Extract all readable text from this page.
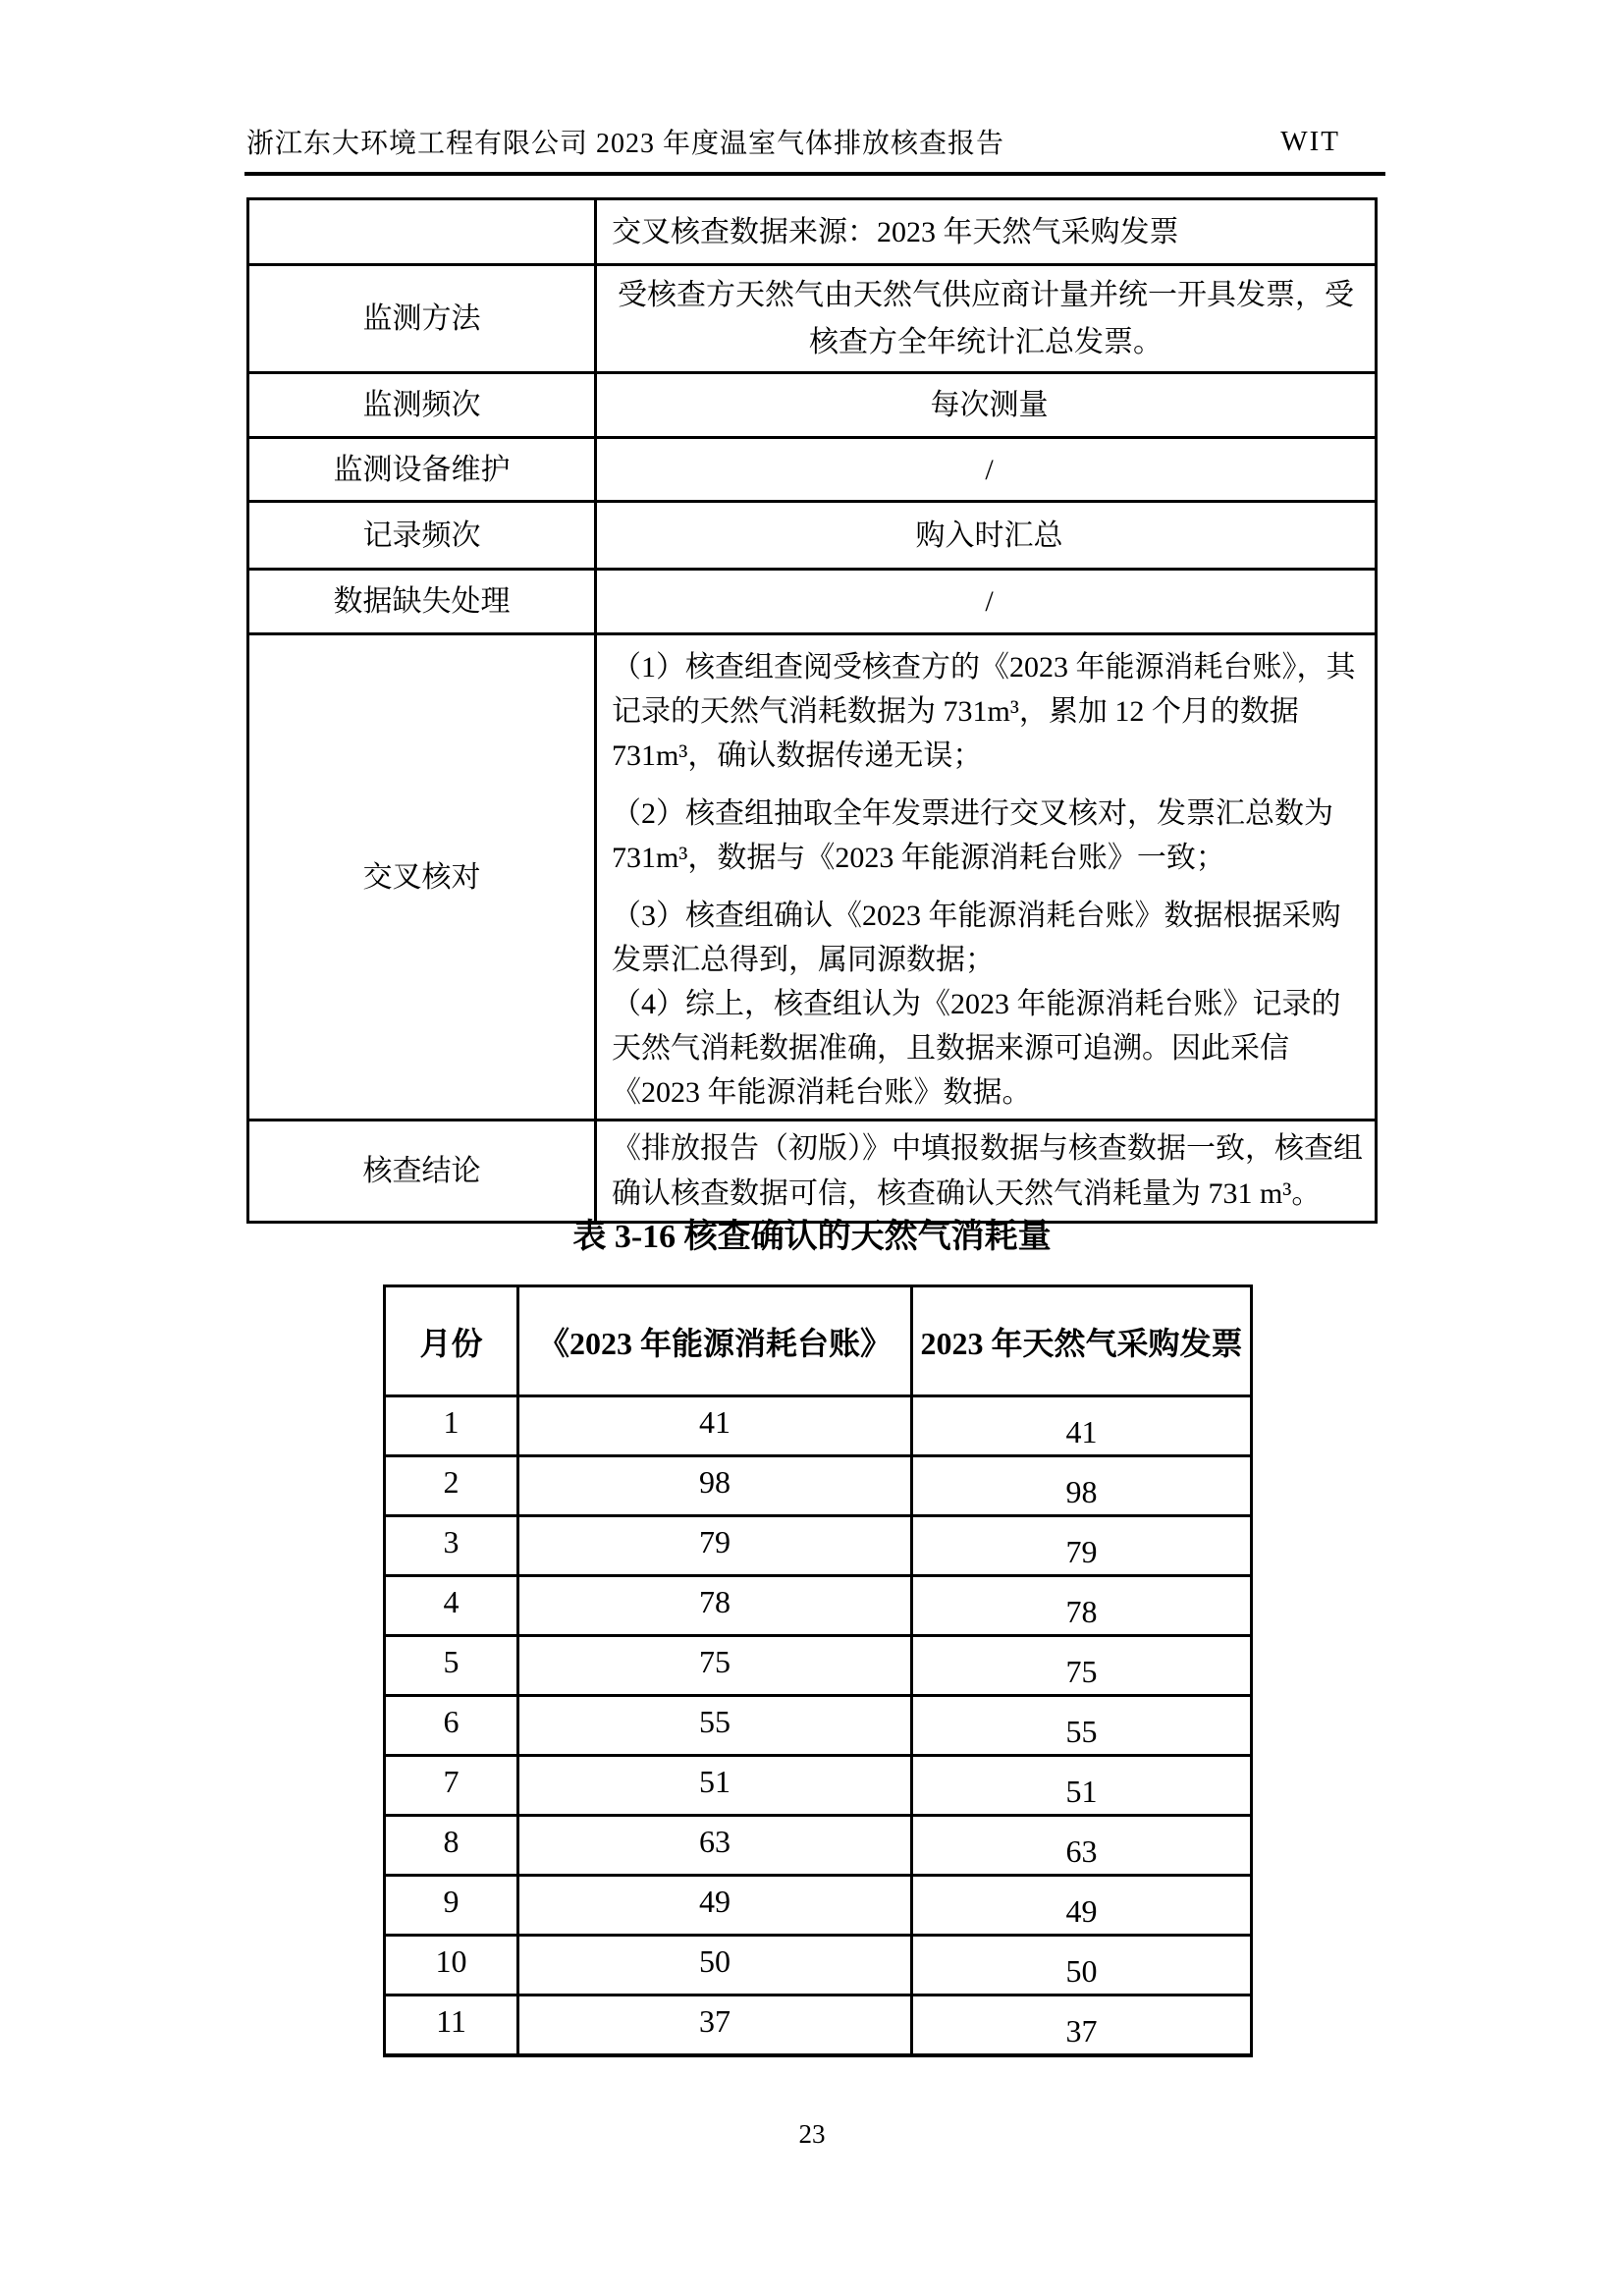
浙江东大环境工程有限公司 2023 年度温室气体排放核查报告	WIT
	交叉核查数据来源：2023 年天然气采购发票
监测方法	受核查方天然气由天然气供应商计量并统一开具发票，受核查方全年统计汇总发票。
监测频次	每次测量
监测设备维护	/
记录频次	购入时汇总
数据缺失处理	/
交叉核对	（1）核查组查阅受核查方的《2023 年能源消耗台账》，其记录的天然气消耗数据为 731m³，累加 12 个月的数据 731m³，确认数据传递无误；

（2）核查组抽取全年发票进行交叉核对，发票汇总数为 731m³，数据与《2023 年能源消耗台账》一致；

（3）核查组确认《2023 年能源消耗台账》数据根据采购发票汇总得到，属同源数据；

（4）综上，核查组认为《2023 年能源消耗台账》记录的天然气消耗数据准确，且数据来源可追溯。因此采信《2023 年能源消耗台账》数据。

核查结论	《排放报告（初版）》中填报数据与核查数据一致，核查组确认核查数据可信，核查确认天然气消耗量为 731 m³。
表 3-16 核查确认的天然气消耗量
月份	《2023 年能源消耗台账》	2023 年天然气采购发票
1	41	41
2	98	98
3	79	79
4	78	78
5	75	75
6	55	55
7	51	51
8	63	63
9	49	49
10	50	50
11	37	37
23
